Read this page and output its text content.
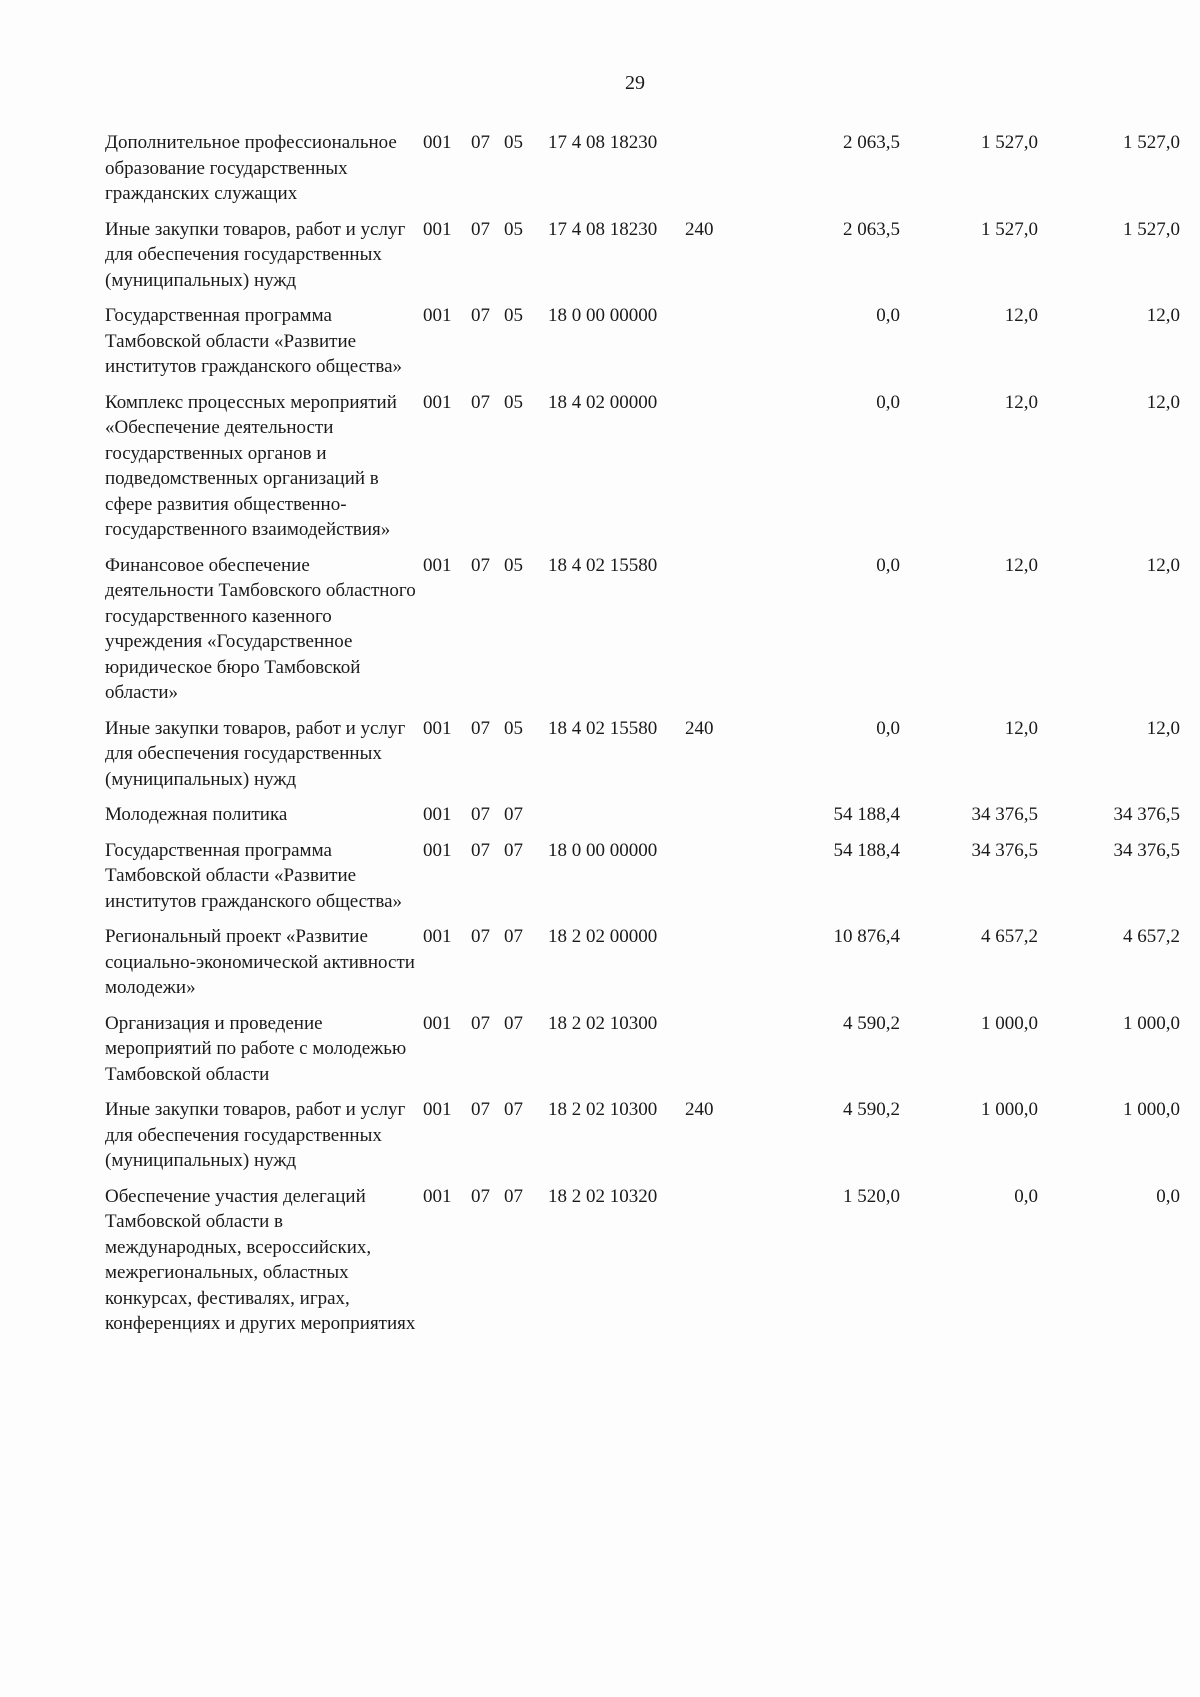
29
Дополнительное профессиональное образование государственных гражданских служащих	001	07	05	17 4 08 18230		2 063,5	1 527,0	1 527,0
Иные закупки товаров, работ и услуг для обеспечения государственных (муниципальных) нужд	001	07	05	17 4 08 18230	240	2 063,5	1 527,0	1 527,0
Государственная программа Тамбовской области «Развитие институтов гражданского общества»	001	07	05	18 0 00 00000		0,0	12,0	12,0
Комплекс процессных мероприятий «Обеспечение деятельности государственных органов и подведомственных организаций в сфере развития общественно-государственного взаимодействия»	001	07	05	18 4 02 00000		0,0	12,0	12,0
Финансовое обеспечение деятельности Тамбовского областного государственного казенного учреждения «Государственное юридическое бюро Тамбовской области»	001	07	05	18 4 02 15580		0,0	12,0	12,0
Иные закупки товаров, работ и услуг для обеспечения государственных (муниципальных) нужд	001	07	05	18 4 02 15580	240	0,0	12,0	12,0
Молодежная политика	001	07	07			54 188,4	34 376,5	34 376,5
Государственная программа Тамбовской области «Развитие институтов гражданского общества»	001	07	07	18 0 00 00000		54 188,4	34 376,5	34 376,5
Региональный проект «Развитие социально-экономической активности молодежи»	001	07	07	18 2 02 00000		10 876,4	4 657,2	4 657,2
Организация и проведение мероприятий по работе с молодежью Тамбовской области	001	07	07	18 2 02 10300		4 590,2	1 000,0	1 000,0
Иные закупки товаров, работ и услуг для обеспечения государственных (муниципальных) нужд	001	07	07	18 2 02 10300	240	4 590,2	1 000,0	1 000,0
Обеспечение участия делегаций Тамбовской области в международных, всероссийских, межрегиональных, областных конкурсах, фестивалях, играх, конференциях и других мероприятиях	001	07	07	18 2 02 10320		1 520,0	0,0	0,0
